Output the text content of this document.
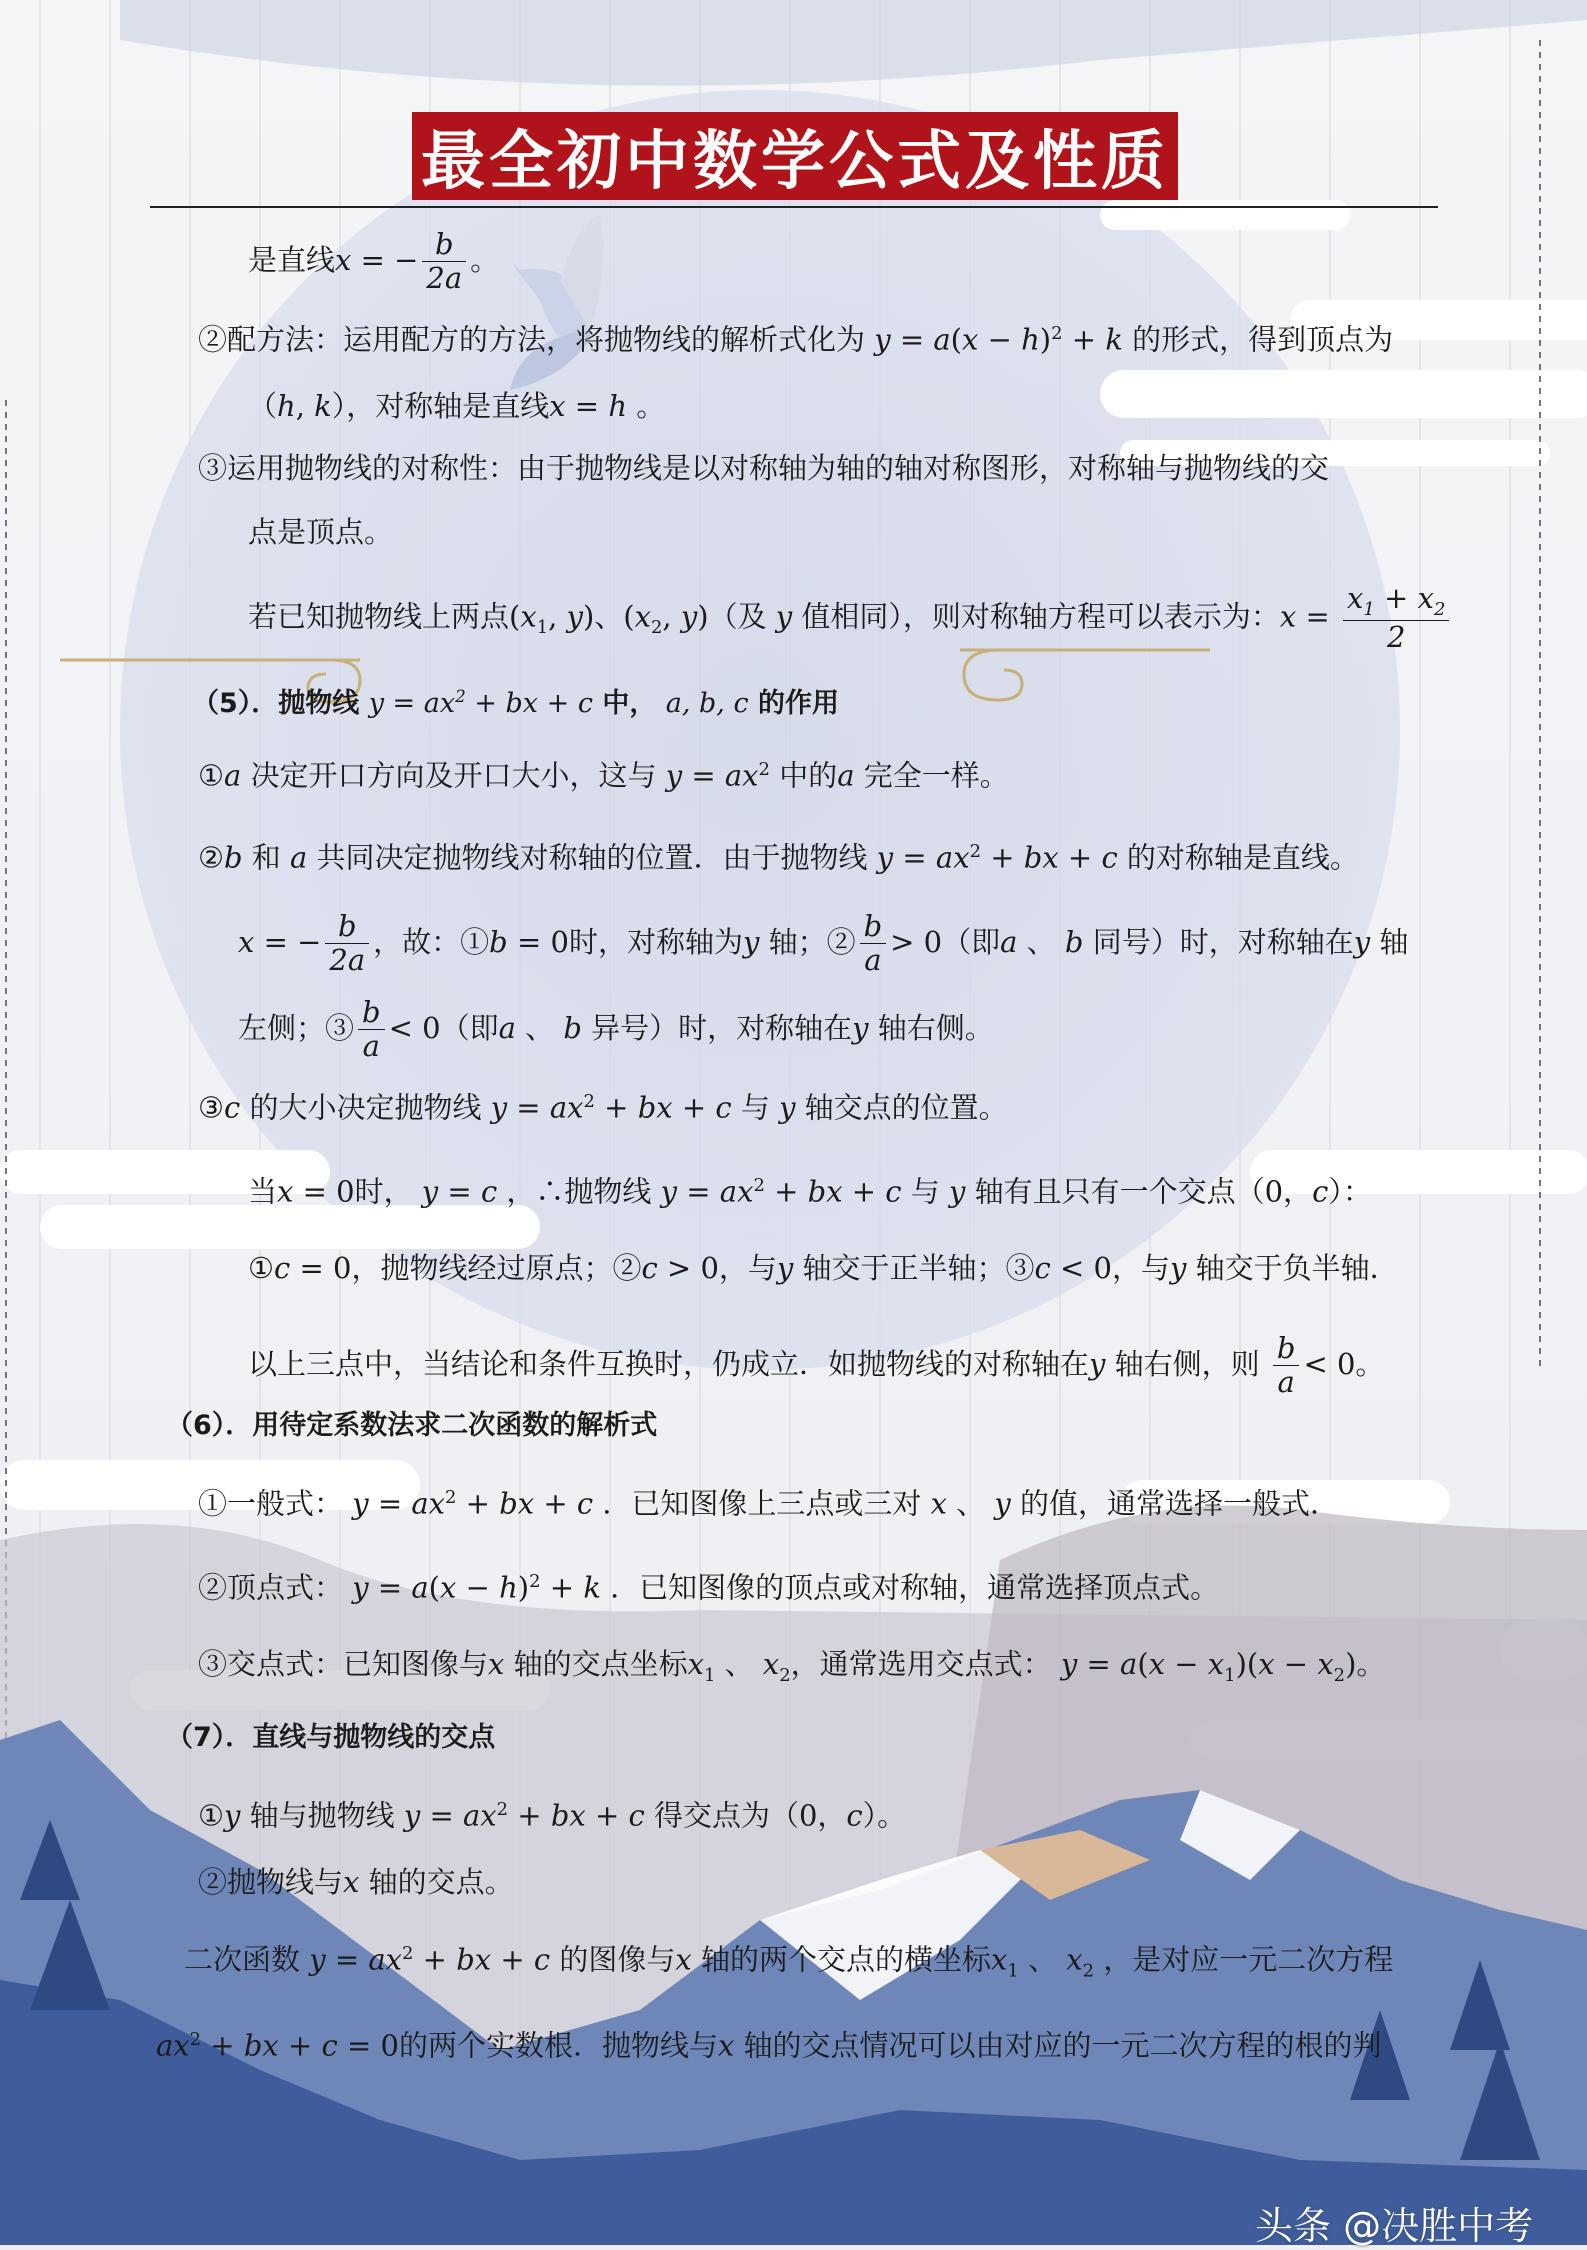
最全初中数学公式及性质
是直线x = − $\frac{b}{2a}$ 。
②配方法：运用配方的方法，将抛物线的解析式化为 $y = a(x - h)^2 + k$ 的形式，得到顶点为
（h, k），对称轴是直线x = h 。
③运用抛物线的对称性：由于抛物线是以对称轴为轴的轴对称图形，对称轴与抛物线的交
点是顶点。
若已知抛物线上两点($x_1$, y)、($x_2$, y)（及 y 值相同），则对称轴方程可以表示为：$x = \frac{x_1 + x_2}{2}$
（5）．抛物线 $y = ax^2$ + bx + c 中， a, b, c 的作用
①a 决定开口方向及开口大小，这与 $y = ax^2$ 中的a 完全一样。
②b 和 a 共同决定抛物线对称轴的位置．由于抛物线 $y = ax^2$ + bx + c 的对称轴是直线。
x = − $\frac{b}{2a}$ ，故：①b = 0时，对称轴为y 轴；② $\frac{b}{a} > 0$（即a 、 b 同号）时，对称轴在y 轴
左侧；③ $\frac{b}{a} < 0$（即a 、 b 异号）时，对称轴在y 轴右侧。
③c 的大小决定抛物线 $y = ax^2$ + bx + c 与 y 轴交点的位置。
当x = 0时， y = c ，∴抛物线 $y = ax^2$ + bx + c 与 y 轴有且只有一个交点（0，c）：
①c = 0，抛物线经过原点；②c > 0，与y 轴交于正半轴；③c < 0，与y 轴交于负半轴．
以上三点中，当结论和条件互换时，仍成立．如抛物线的对称轴在y 轴右侧，则 $\frac{b}{a} < 0$。
（6）．用待定系数法求二次函数的解析式
①一般式： $y = ax^2$ + bx + c ．已知图像上三点或三对 x 、 y 的值，通常选择一般式．
②顶点式： $y = a(x - h)^2 + k$ ．已知图像的顶点或对称轴，通常选择顶点式。
③交点式：已知图像与x 轴的交点坐标$x_1$ 、 $x_2$，通常选用交点式： $y = a(x - x_1)(x - x_2)$。
（7）．直线与抛物线的交点
①y 轴与抛物线 $y = ax^2$ + bx + c 得交点为（0，c）。
②抛物线与x 轴的交点。
二次函数 $y = ax^2$ + bx + c 的图像与x 轴的两个交点的横坐标$x_1$ 、 $x_2$ ，是对应一元二次方程
$ax^2$ + bx + c = 0的两个实数根．抛物线与x 轴的交点情况可以由对应的一元二次方程的根的判
头条 @决胜中考
